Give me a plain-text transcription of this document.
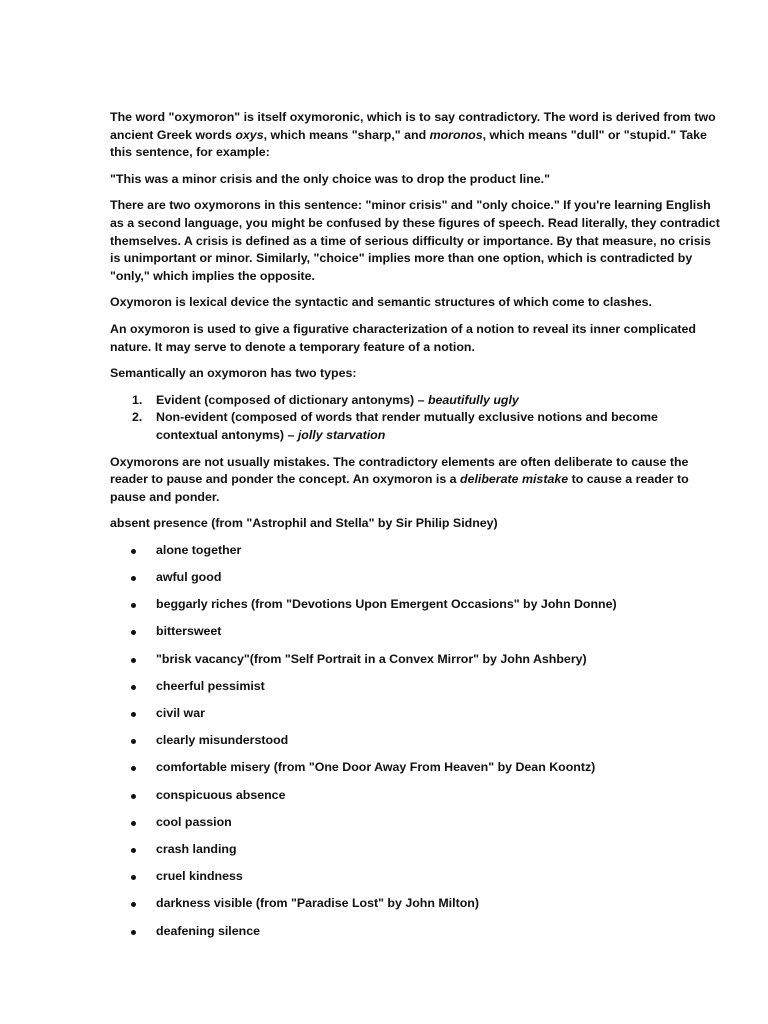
The word "oxymoron" is itself oxymoronic, which is to say contradictory. The word is derived from two ancient Greek words oxys, which means "sharp," and moronos, which means "dull" or "stupid." Take this sentence, for example:

"This was a minor crisis and the only choice was to drop the product line."

There are two oxymorons in this sentence: "minor crisis" and "only choice." If you're learning English as a second language, you might be confused by these figures of speech. Read literally, they contradict themselves. A crisis is defined as a time of serious difficulty or importance. By that measure, no crisis is unimportant or minor. Similarly, "choice" implies more than one option, which is contradicted by "only," which implies the opposite.

Oxymoron is lexical device the syntactic and semantic structures of which come to clashes.

An oxymoron is used to give a figurative characterization of a notion to reveal its inner complicated nature. It may serve to denote a temporary feature of a notion.

Semantically an oxymoron has two types:

1. Evident (composed of dictionary antonyms) – beautifully ugly
2. Non-evident (composed of words that render mutually exclusive notions and become contextual antonyms) – jolly starvation

Oxymorons are not usually mistakes. The contradictory elements are often deliberate to cause the reader to pause and ponder the concept. An oxymoron is a deliberate mistake to cause a reader to pause and ponder.

absent presence (from "Astrophil and Stella" by Sir Philip Sidney)

alone together
awful good
beggarly riches (from "Devotions Upon Emergent Occasions" by John Donne)
bittersweet
"brisk vacancy"(from "Self Portrait in a Convex Mirror" by John Ashbery)
cheerful pessimist
civil war
clearly misunderstood
comfortable misery (from "One Door Away From Heaven" by Dean Koontz)
conspicuous absence
cool passion
crash landing
cruel kindness
darkness visible (from "Paradise Lost" by John Milton)
deafening silence
